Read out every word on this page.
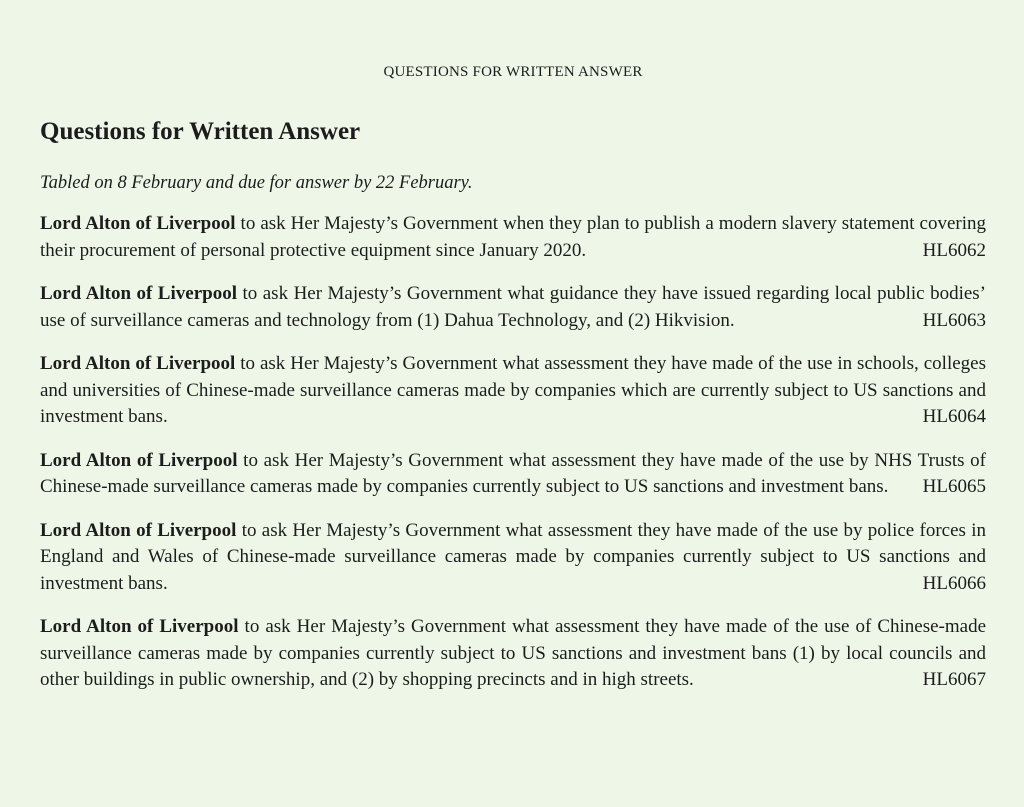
QUESTIONS FOR WRITTEN ANSWER
Questions for Written Answer

Tabled on 8 February and due for answer by 22 February.

Lord Alton of Liverpool to ask Her Majesty’s Government when they plan to publish a modern slavery statement covering their procurement of personal protective equipment since January 2020.	HL6062

Lord Alton of Liverpool to ask Her Majesty’s Government what guidance they have issued regarding local public bodies’ use of surveillance cameras and technology from (1) Dahua Technology, and (2) Hikvision.	HL6063

Lord Alton of Liverpool to ask Her Majesty’s Government what assessment they have made of the use in schools, colleges and universities of Chinese-made surveillance cameras made by companies which are currently subject to US sanctions and investment bans.	HL6064

Lord Alton of Liverpool to ask Her Majesty’s Government what assessment they have made of the use by NHS Trusts of Chinese-made surveillance cameras made by companies currently subject to US sanctions and investment bans. HL6065

Lord Alton of Liverpool to ask Her Majesty’s Government what assessment they have made of the use by police forces in England and Wales of Chinese-made surveillance cameras made by companies currently subject to US sanctions and investment bans.	HL6066

Lord Alton of Liverpool to ask Her Majesty’s Government what assessment they have made of the use of Chinese-made surveillance cameras made by companies currently subject to US sanctions and investment bans (1) by local councils and other buildings in public ownership, and (2) by shopping precincts and in high streets.	HL6067
